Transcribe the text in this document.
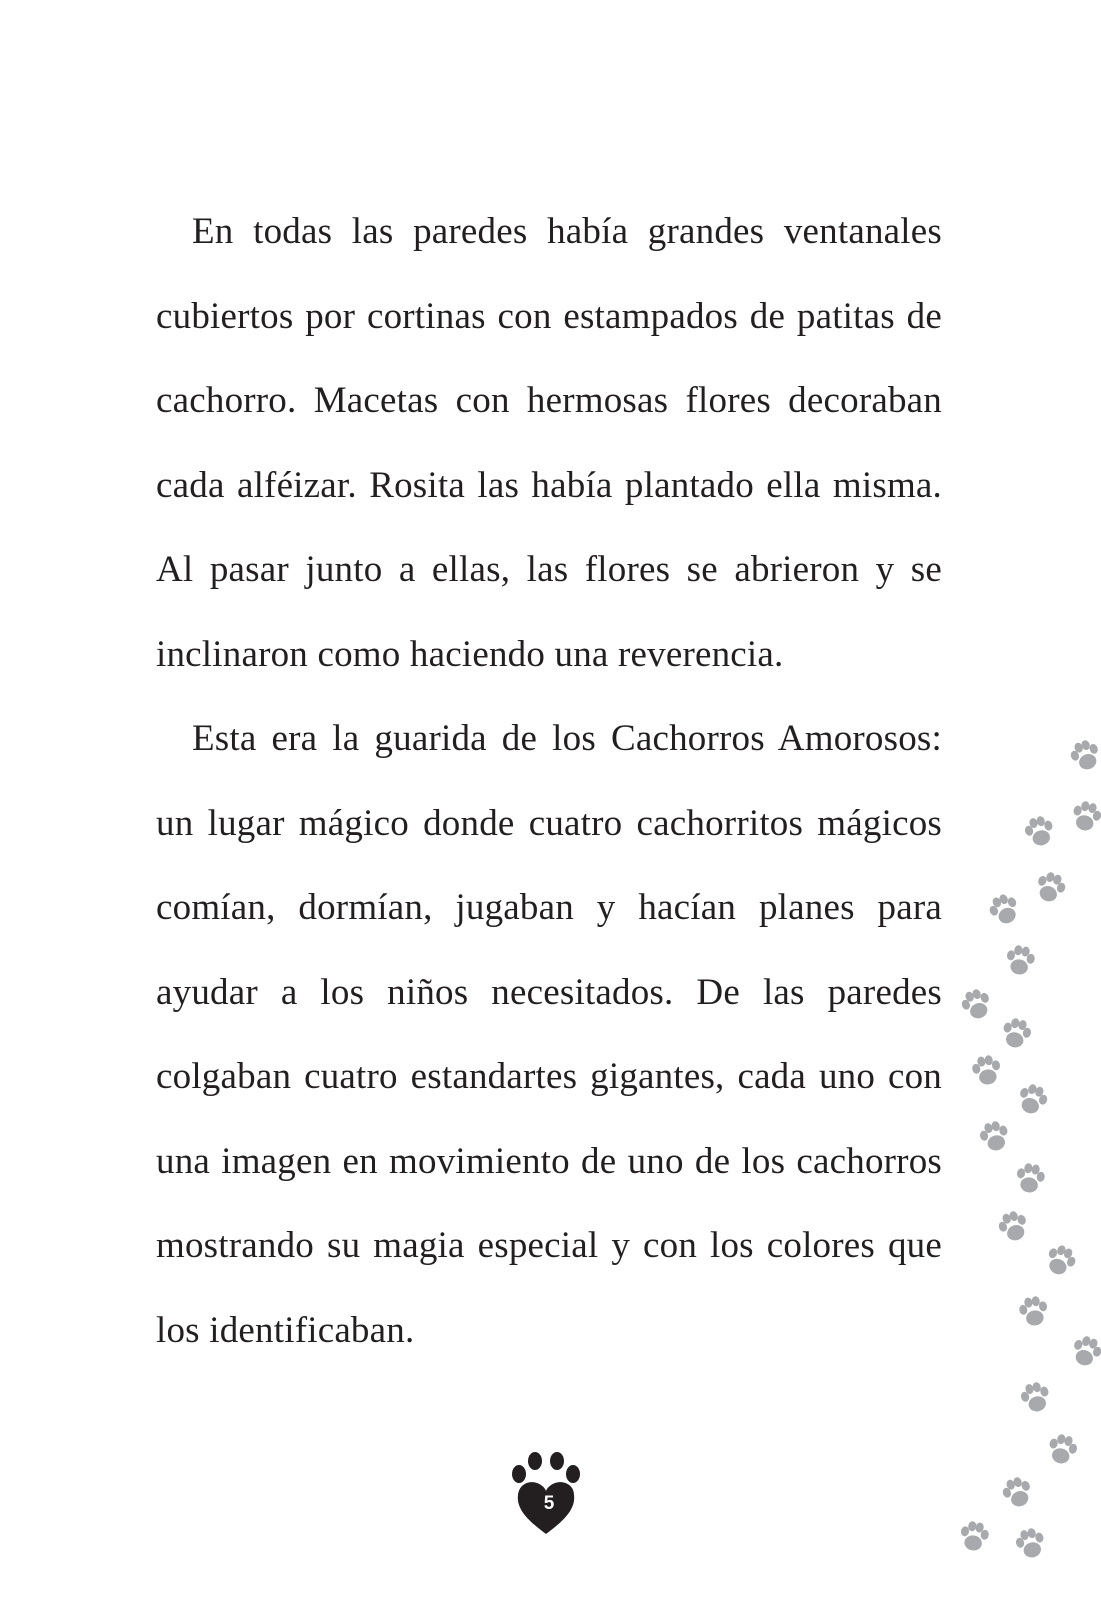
En todas las paredes había grandes ventanales cubiertos por cortinas con estampados de patitas de cachorro. Macetas con hermosas flores decoraban cada alféizar. Rosita las había plantado ella misma. Al pasar junto a ellas, las flores se abrieron y se inclinaron como haciendo una reverencia.

Esta era la guarida de los Cachorros Amorosos: un lugar mágico donde cuatro cachorritos mágicos comían, dormían, jugaban y hacían planes para ayudar a los niños necesitados. De las paredes colgaban cuatro estandartes gigantes, cada uno con una imagen en movimiento de uno de los cachorros mostrando su magia especial y con los colores que los identificaban.

5
